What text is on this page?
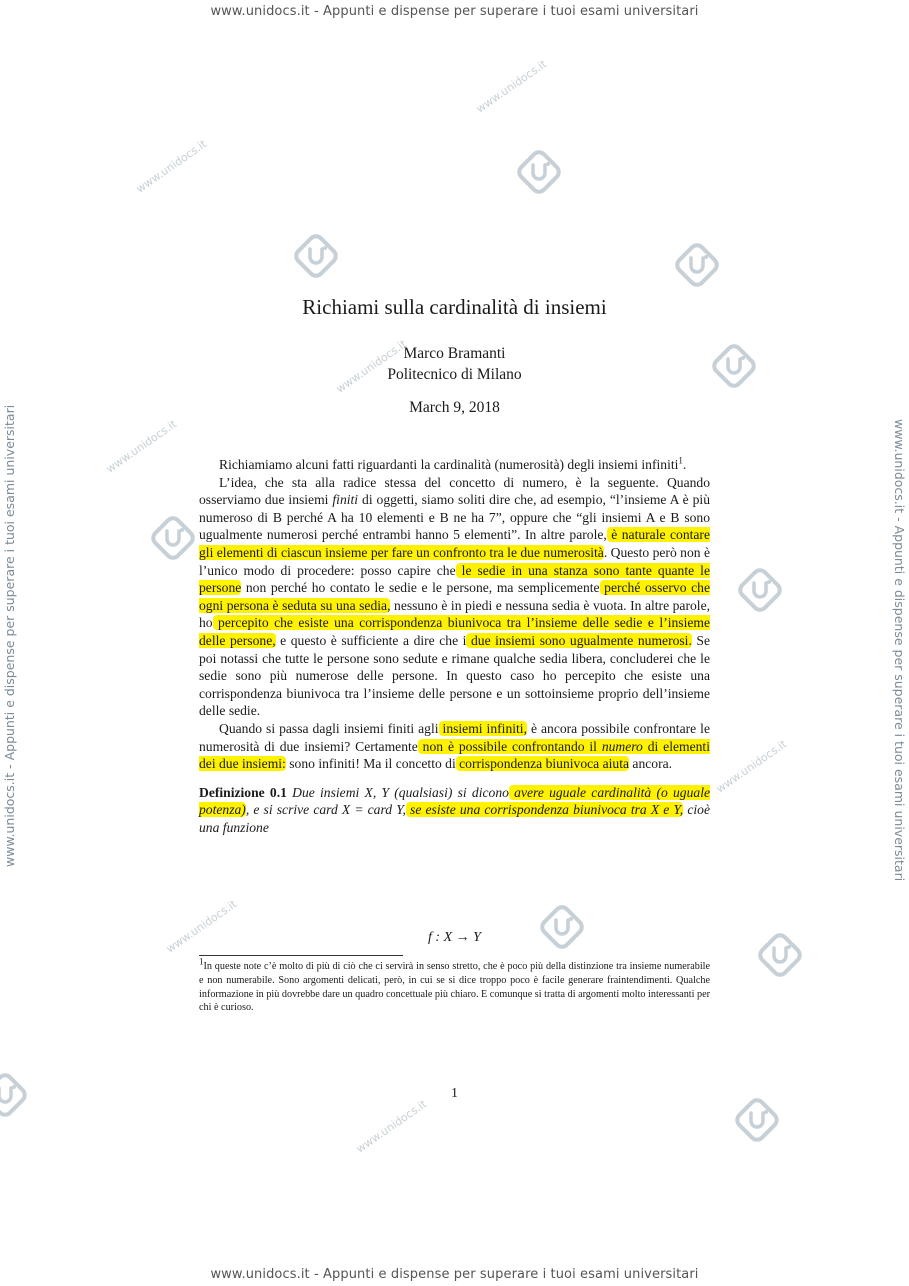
www.unidocs.it - Appunti e dispense per superare i tuoi esami universitari
www.unidocs.it - Appunti e dispense per superare i tuoi esami universitari
www.unidocs.it - Appunti e dispense per superare i tuoi esami universitari	www.unidocs.it - Appunti e dispense per superare i tuoi esami universitari
www.unidocs.it
www.unidocs.it
www.unidocs.it
www.unidocs.it
www.unidocs.it
www.unidocs.it
www.unidocs.it
Richiami sulla cardinalità di insiemi
Marco Bramanti
Politecnico di Milano
March 9, 2018

Richiamiamo alcuni fatti riguardanti la cardinalità (numerosità) degli insiemi infiniti$^1$.

L’idea, che sta alla radice stessa del concetto di numero, è la seguente. Quando osserviamo due insiemi finiti di oggetti, siamo soliti dire che, ad esempio, “l’insieme A è più numeroso di B perché A ha 10 elementi e B ne ha 7”, oppure che “gli insiemi A e B sono ugualmente numerosi perché entrambi hanno 5 elementi”. In altre parole, è naturale contare gli elementi di ciascun insieme per fare un confronto tra le due numerosità. Questo però non è l’unico modo di procedere: posso capire che le sedie in una stanza sono tante quante le persone non perché ho contato le sedie e le persone, ma semplicemente perché osservo che ogni persona è seduta su una sedia, nessuno è in piedi e nessuna sedia è vuota. In altre parole, ho percepito che esiste una corrispondenza biunivoca tra l’insieme delle sedie e l’insieme delle persone, e questo è sufficiente a dire che i due insiemi sono ugualmente numerosi. Se poi notassi che tutte le persone sono sedute e rimane qualche sedia libera, concluderei che le sedie sono più numerose delle persone. In questo caso ho percepito che esiste una corrispondenza biunivoca tra l’insieme delle persone e un sottoinsieme proprio dell’insieme delle sedie.

Quando si passa dagli insiemi finiti agli insiemi infiniti, è ancora possibile confrontare le numerosità di due insiemi? Certamente non è possibile confrontando il numero di elementi dei due insiemi: sono infiniti! Ma il concetto di corrispondenza biunivoca aiuta ancora.

Definizione 0.1 Due insiemi X, Y (qualsiasi) si dicono avere uguale cardinalità (o uguale potenza), e si scrive card X = card Y, se esiste una corrispondenza biunivoca tra X e Y, cioè una funzione

f : X → Y

$^1$In queste note c’è molto di più di ciò che ci servirà in senso stretto, che è poco più della distinzione tra insieme numerabile e non numerabile. Sono argomenti delicati, però, in cui se si dice troppo poco è facile generare fraintendimenti. Qualche informazione in più dovrebbe dare un quadro concettuale più chiaro. E comunque si tratta di argomenti molto interessanti per chi è curioso.

1
